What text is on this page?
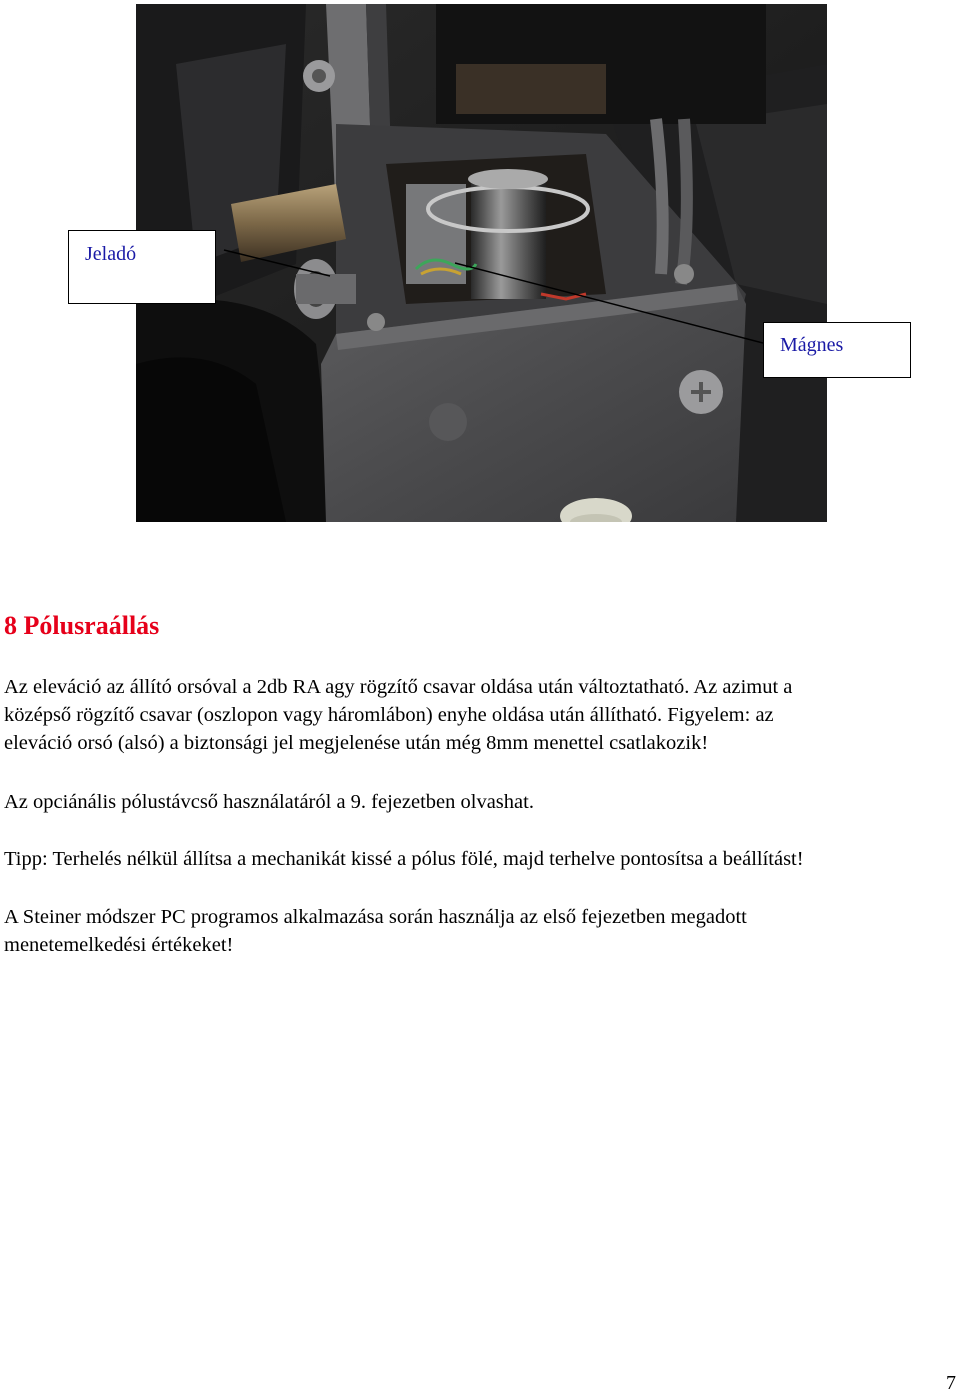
Jeladó
Mágnes
8 Pólusraállás
Az eleváció az állító orsóval a 2db RA agy rögzítő csavar oldása után változtatható. Az azimut a
középső rögzítő csavar (oszlopon vagy háromlábon) enyhe oldása után állítható. Figyelem: az
eleváció orsó (alsó) a biztonsági jel megjelenése után még 8mm menettel csatlakozik!
Az opciánális pólustávcső használatáról a 9. fejezetben olvashat.
Tipp: Terhelés nélkül állítsa a mechanikát kissé a pólus fölé, majd terhelve pontosítsa a beállítást!
A Steiner módszer PC programos alkalmazása során használja az első fejezetben megadott
menetemelkedési értékeket!
7
